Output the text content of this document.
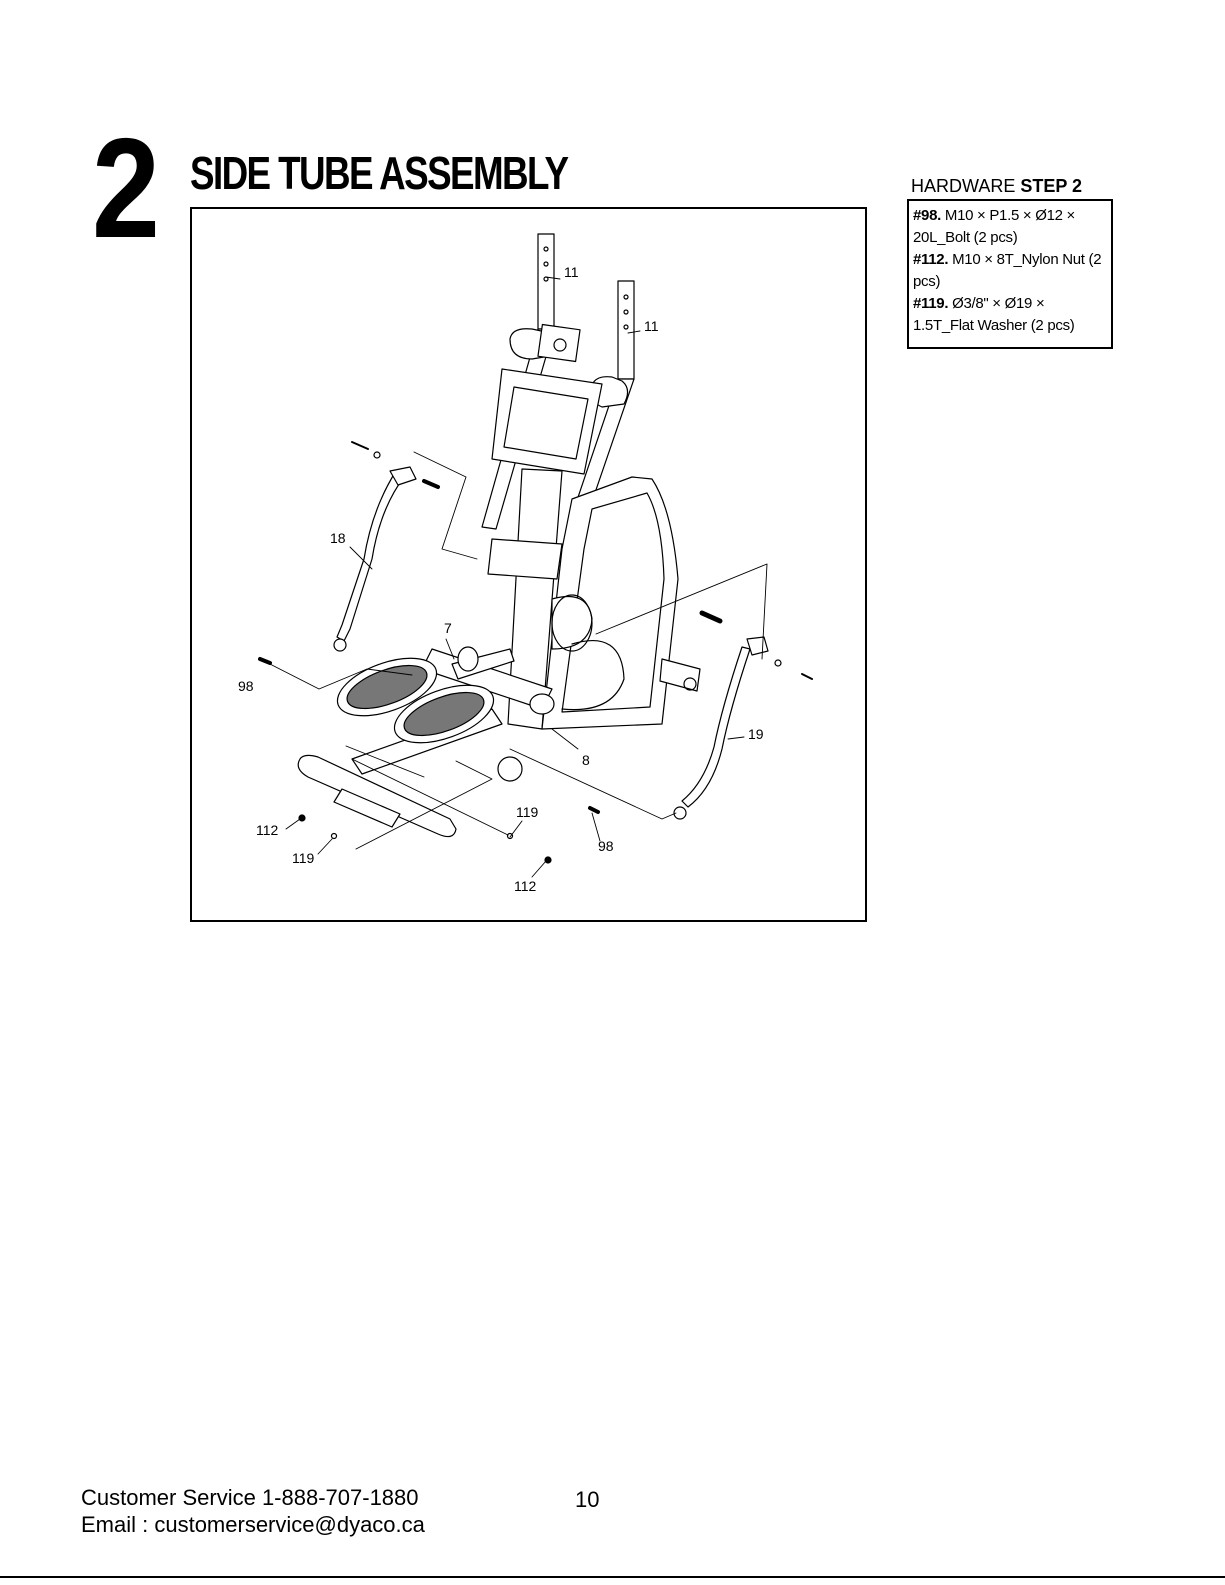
2 SIDE TUBE ASSEMBLY
11
11
18
7
98
19
8
119
98
112
119
112
HARDWARE STEP 2
#98. M10 × P1.5 × Ø12 × 20L_Bolt (2 pcs)
#112. M10 × 8T_Nylon Nut (2 pcs)
#119. Ø3/8" × Ø19 × 1.5T_Flat Washer (2 pcs)
Customer Service 1-888-707-1880
Email : customerservice@dyaco.ca
10
